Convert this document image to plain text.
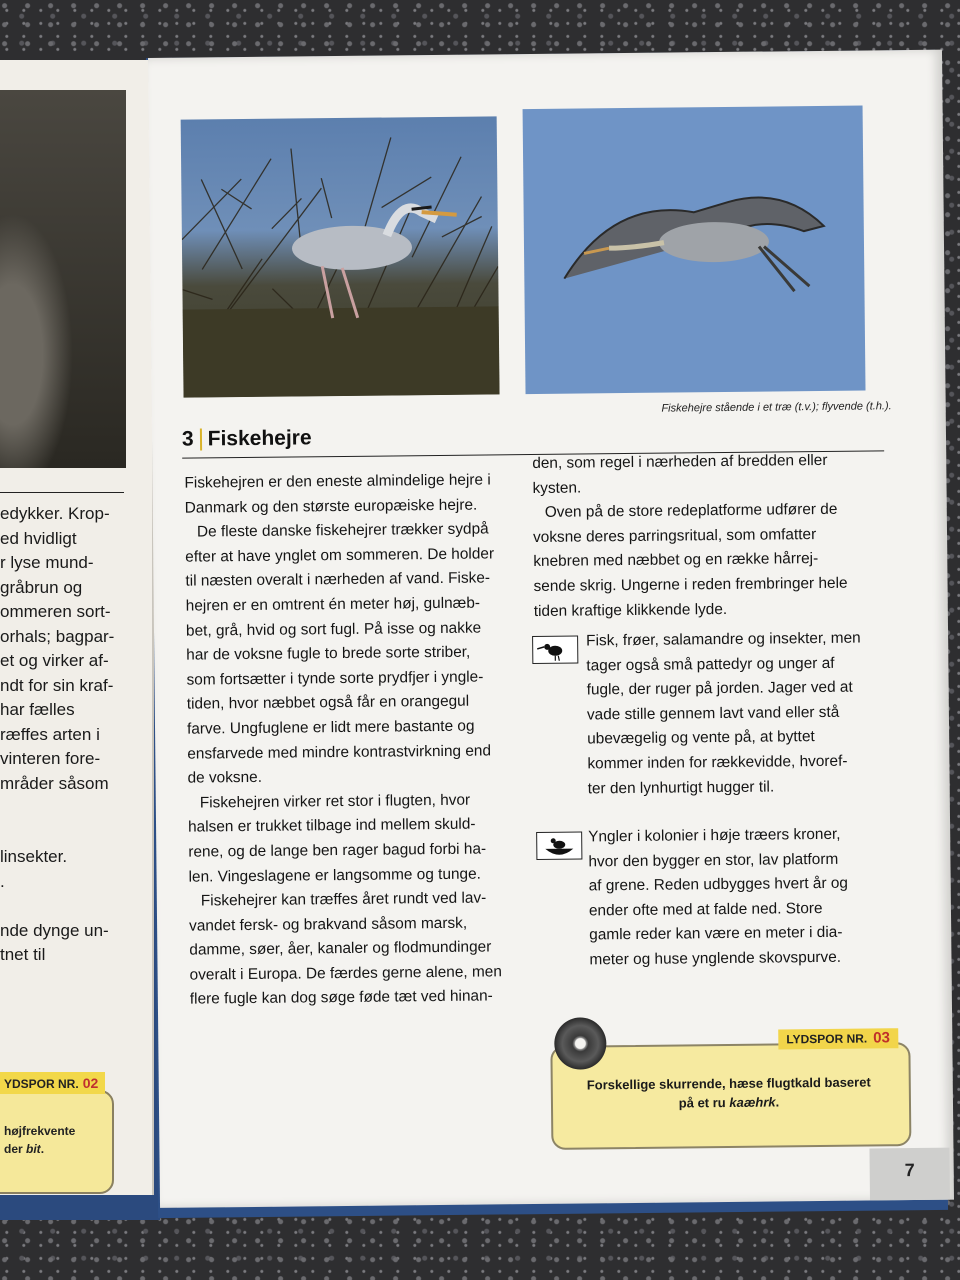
edykker. Krop-
ed hvidligt
r lyse mund-
gråbrun og
ommeren sort-
orhals; bagpar-
et og virker af-
ndt for sin kraf-
har fælles
ræffes arten i
vinteren fore-
mråder såsom
linsekter.
.
nde dynge un-
tnet til
YDSPOR NR. 02
højfrekvente
der bit.
Fiskehejre stående i et træ (t.v.); flyvende (t.h.).
3 Fiskehejre
Fiskehejren er den eneste almindelige hejre i
Danmark og den største europæiske hejre.
De fleste danske fiskehejrer trækker sydpå
efter at have ynglet om sommeren. De holder
til næsten overalt i nærheden af vand. Fiske-
hejren er en omtrent én meter høj, gulnæb-
bet, grå, hvid og sort fugl. På isse og nakke
har de voksne fugle to brede sorte striber,
som fortsætter i tynde sorte prydfjer i yngle-
tiden, hvor næbbet også får en orangegul
farve. Ungfuglene er lidt mere bastante og
ensfarvede med mindre kontrastvirkning end
de voksne.
Fiskehejren virker ret stor i flugten, hvor
halsen er trukket tilbage ind mellem skuld-
rene, og de lange ben rager bagud forbi ha-
len. Vingeslagene er langsomme og tunge.
Fiskehejrer kan træffes året rundt ved lav-
vandet fersk- og brakvand såsom marsk,
damme, søer, åer, kanaler og flodmundinger
overalt i Europa. De færdes gerne alene, men
flere fugle kan dog søge føde tæt ved hinan-
den, som regel i nærheden af bredden eller
kysten.
Oven på de store redeplatforme udfører de
voksne deres parringsritual, som omfatter
knebren med næbbet og en række hårrej-
sende skrig. Ungerne i reden frembringer hele
tiden kraftige klikkende lyde.
Fisk, frøer, salamandre og insekter, men
tager også små pattedyr og unger af
fugle, der ruger på jorden. Jager ved at
vade stille gennem lavt vand eller stå
ubevægelig og vente på, at byttet
kommer inden for rækkevidde, hvoref-
ter den lynhurtigt hugger til.
Yngler i kolonier i høje træers kroner,
hvor den bygger en stor, lav platform
af grene. Reden udbygges hvert år og
ender ofte med at falde ned. Store
gamle reder kan være en meter i dia-
meter og huse ynglende skovspurve.
LYDSPOR NR. 03
Forskellige skurrende, hæse flugtkald baseret
på et ru kaæhrk.
7
